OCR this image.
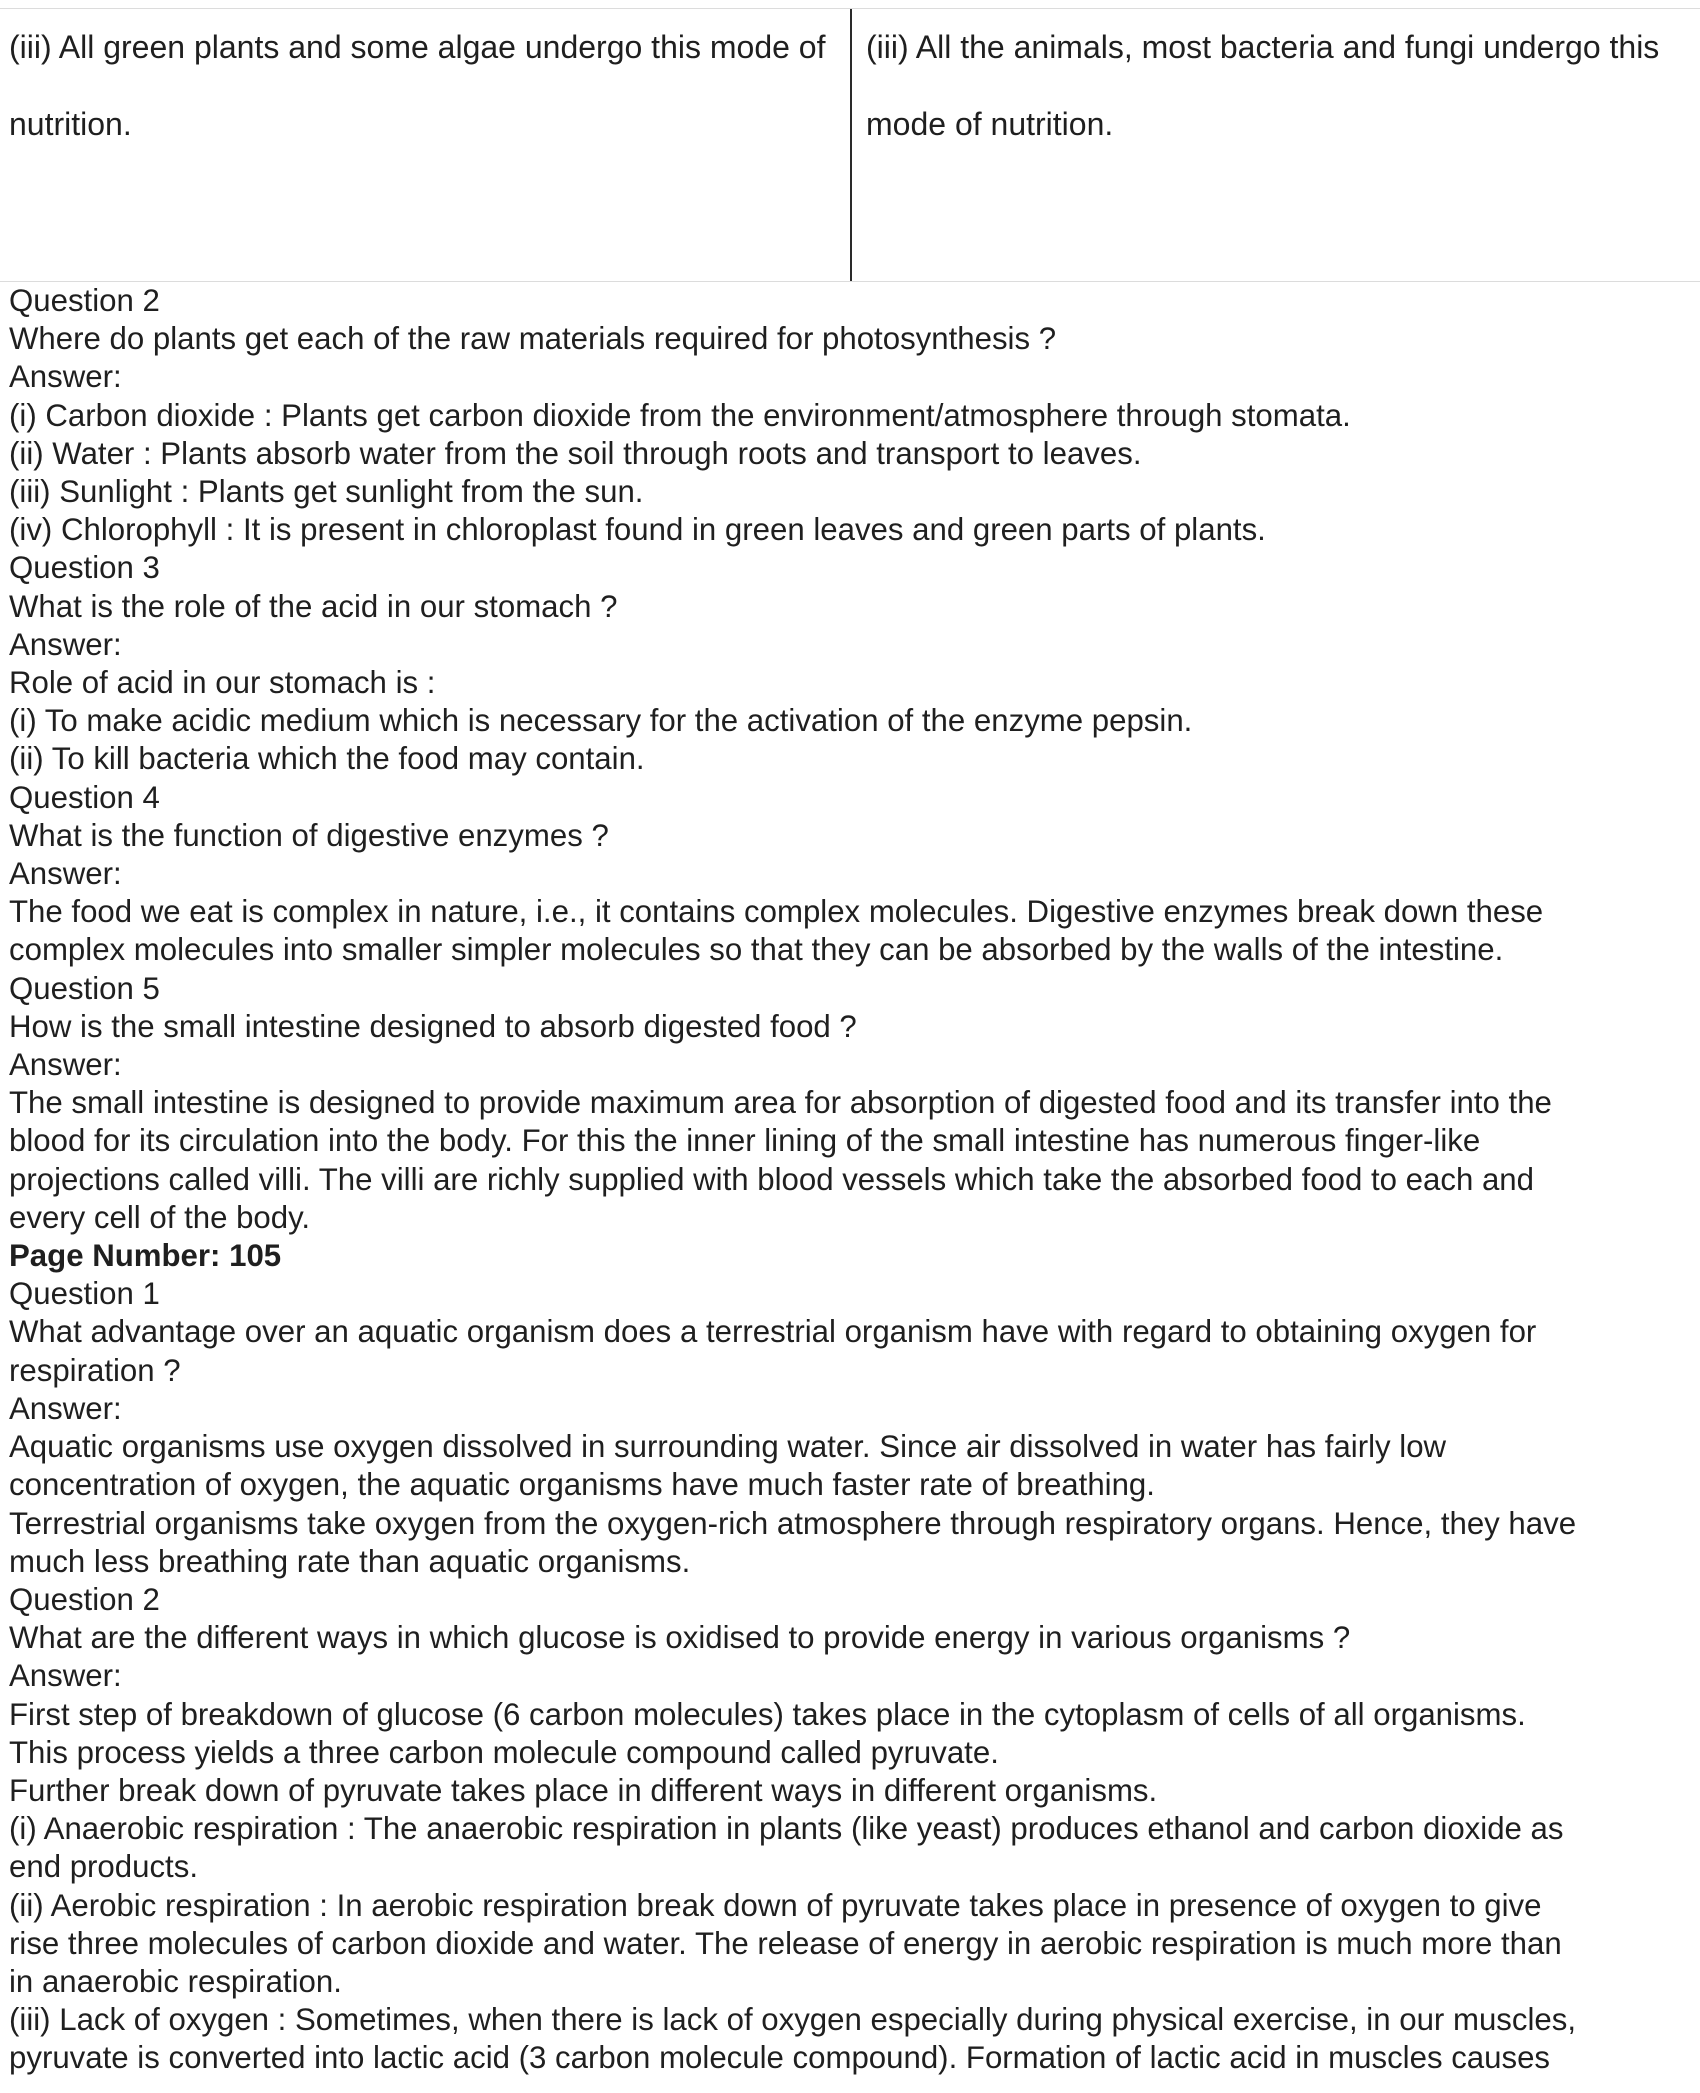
(iii) All green plants and some algae undergo this mode of nutrition.
(iii) All the animals, most bacteria and fungi undergo this mode of nutrition.
Question 2
Where do plants get each of the raw materials required for photosynthesis ?
Answer:
(i) Carbon dioxide : Plants get carbon dioxide from the environment/atmosphere through stomata.
(ii) Water : Plants absorb water from the soil through roots and transport to leaves.
(iii) Sunlight : Plants get sunlight from the sun.
(iv) Chlorophyll : It is present in chloroplast found in green leaves and green parts of plants.
Question 3
What is the role of the acid in our stomach ?
Answer:
Role of acid in our stomach is :
(i) To make acidic medium which is necessary for the activation of the enzyme pepsin.
(ii) To kill bacteria which the food may contain.
Question 4
What is the function of digestive enzymes ?
Answer:
The food we eat is complex in nature, i.e., it contains complex molecules. Digestive enzymes break down these
complex molecules into smaller simpler molecules so that they can be absorbed by the walls of the intestine.
Question 5
How is the small intestine designed to absorb digested food ?
Answer:
The small intestine is designed to provide maximum area for absorption of digested food and its transfer into the
blood for its circulation into the body. For this the inner lining of the small intestine has numerous finger-like
projections called villi. The villi are richly supplied with blood vessels which take the absorbed food to each and
every cell of the body.
Page Number: 105
Question 1
What advantage over an aquatic organism does a terrestrial organism have with regard to obtaining oxygen for
respiration ?
Answer:
Aquatic organisms use oxygen dissolved in surrounding water. Since air dissolved in water has fairly low
concentration of oxygen, the aquatic organisms have much faster rate of breathing.
Terrestrial organisms take oxygen from the oxygen-rich atmosphere through respiratory organs. Hence, they have
much less breathing rate than aquatic organisms.
Question 2
What are the different ways in which glucose is oxidised to provide energy in various organisms ?
Answer:
First step of breakdown of glucose (6 carbon molecules) takes place in the cytoplasm of cells of all organisms.
This process yields a three carbon molecule compound called pyruvate.
Further break down of pyruvate takes place in different ways in different organisms.
(i) Anaerobic respiration : The anaerobic respiration in plants (like yeast) produces ethanol and carbon dioxide as
end products.
(ii) Aerobic respiration : In aerobic respiration break down of pyruvate takes place in presence of oxygen to give
rise three molecules of carbon dioxide and water. The release of energy in aerobic respiration is much more than
in anaerobic respiration.
(iii) Lack of oxygen : Sometimes, when there is lack of oxygen especially during physical exercise, in our muscles,
pyruvate is converted into lactic acid (3 carbon molecule compound). Formation of lactic acid in muscles causes
